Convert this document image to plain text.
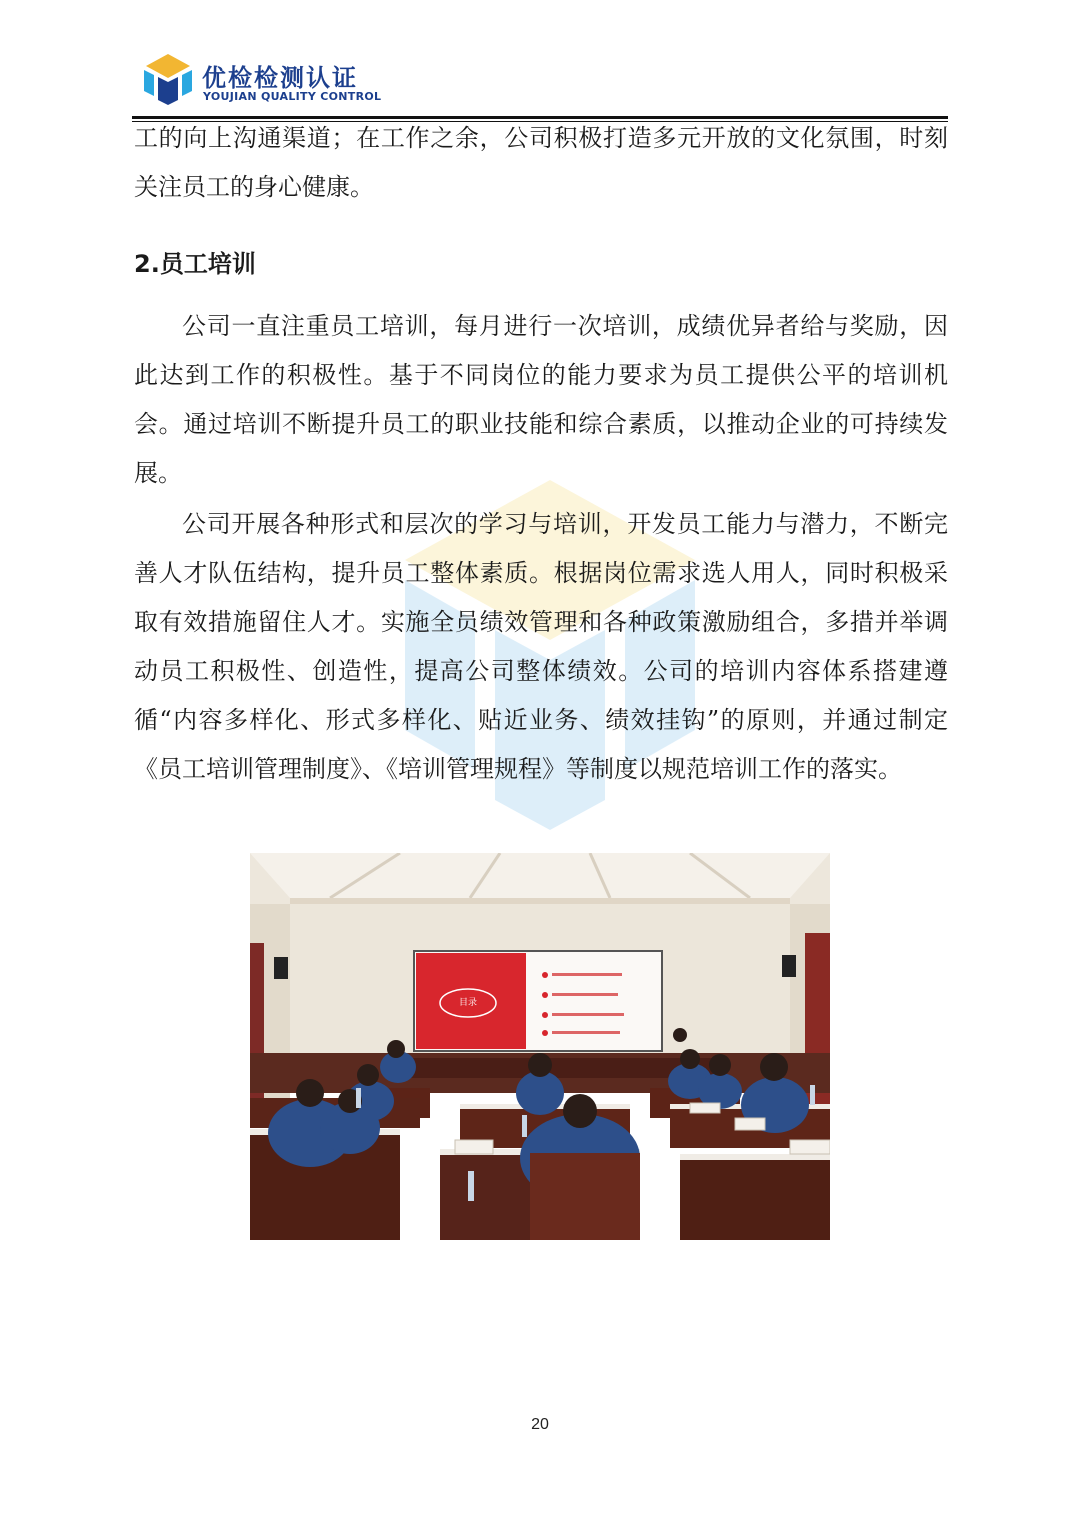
优检检测认证
YOUJIAN QUALITY CONTROL

工的向上沟通渠道；在工作之余，公司积极打造多元开放的文化氛围，时刻关注员工的身心健康。

2.员工培训

公司一直注重员工培训，每月进行一次培训，成绩优异者给与奖励，因此达到工作的积极性。基于不同岗位的能力要求为员工提供公平的培训机会。通过培训不断提升员工的职业技能和综合素质，以推动企业的可持续发展。

公司开展各种形式和层次的学习与培训，开发员工能力与潜力，不断完善人才队伍结构，提升员工整体素质。根据岗位需求选人用人，同时积极采取有效措施留住人才。实施全员绩效管理和各种政策激励组合，多措并举调动员工积极性、创造性，提高公司整体绩效。公司的培训内容体系搭建遵循“内容多样化、形式多样化、贴近业务、绩效挂钩”的原则，并通过制定《员工培训管理制度》、《培训管理规程》等制度以规范培训工作的落实。

目录
20
